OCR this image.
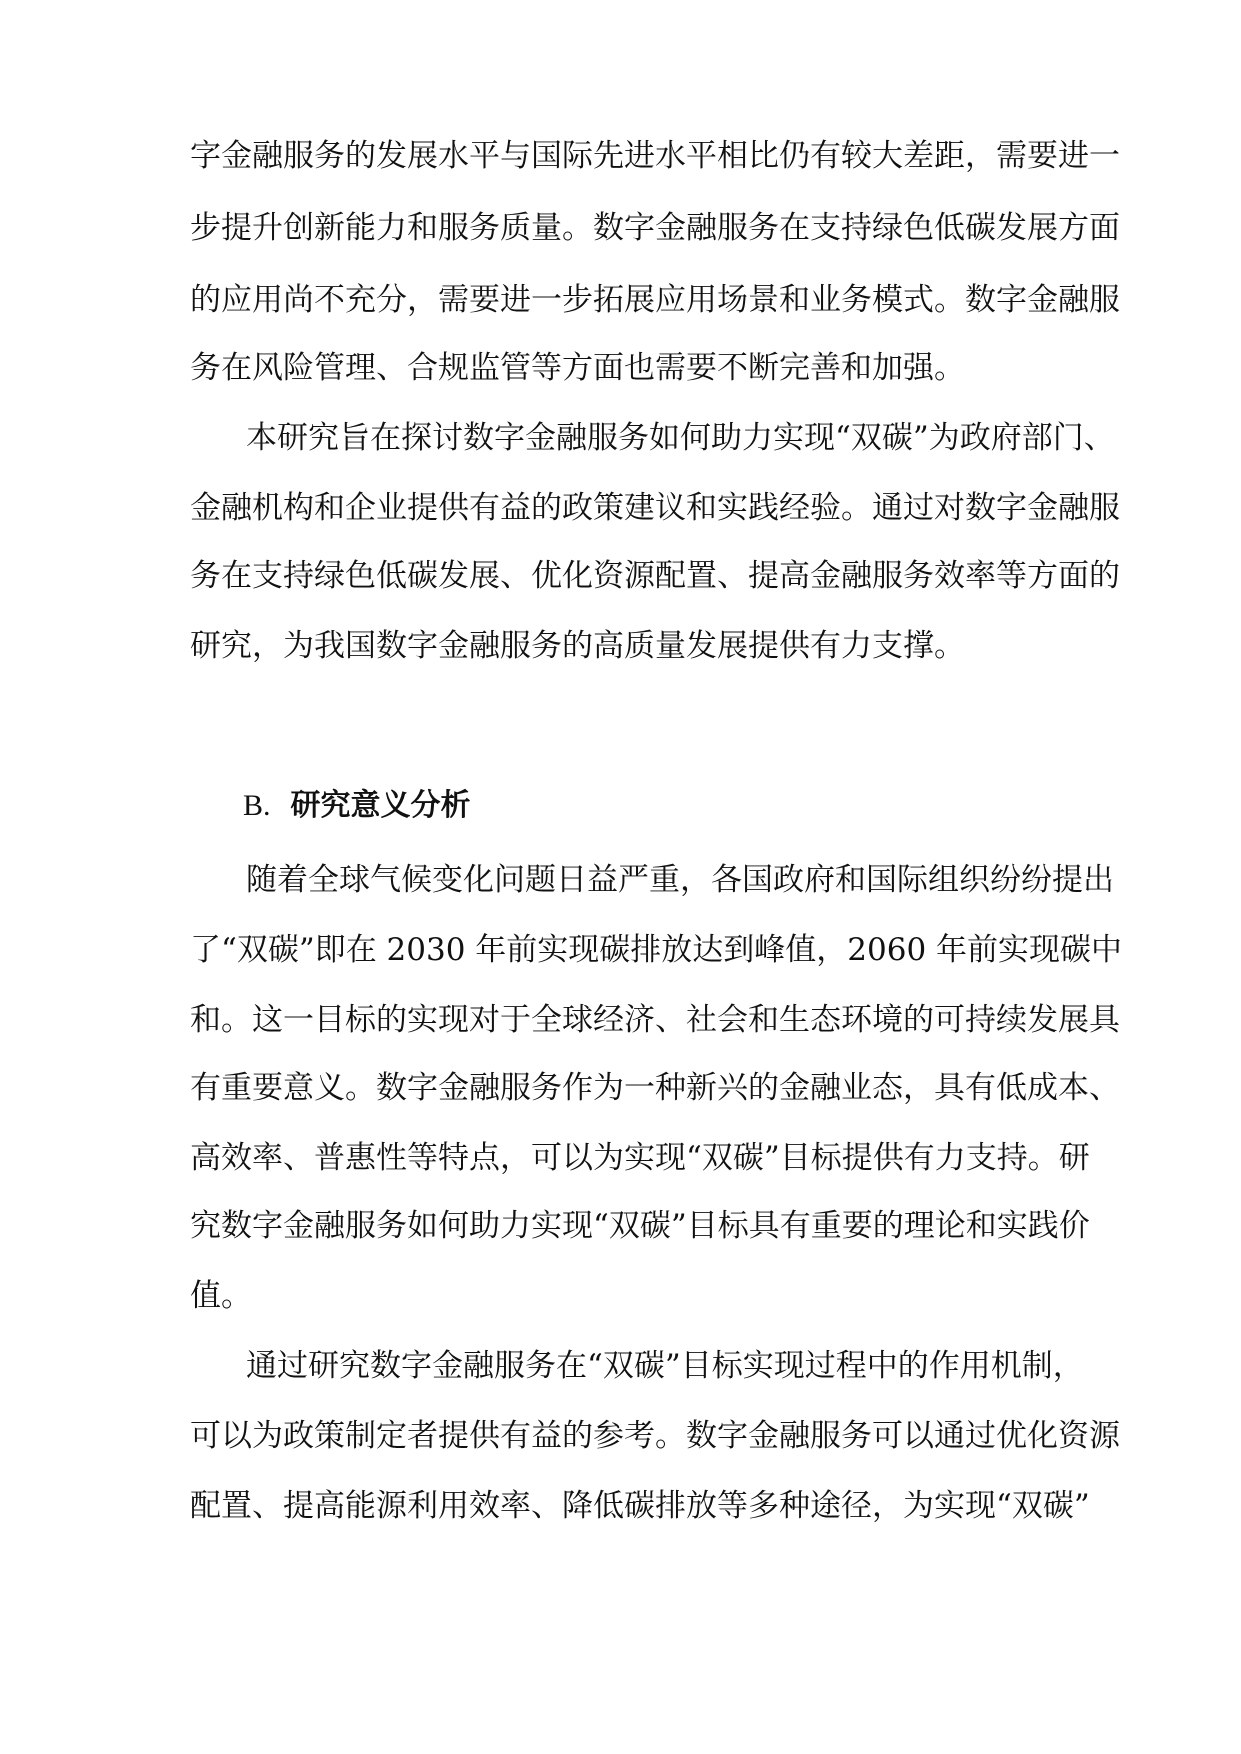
字金融服务的发展水平与国际先进水平相比仍有较大差距，需要进一
步提升创新能力和服务质量。数字金融服务在支持绿色低碳发展方面
的应用尚不充分，需要进一步拓展应用场景和业务模式。数字金融服
务在风险管理、合规监管等方面也需要不断完善和加强。
本研究旨在探讨数字金融服务如何助力实现“双碳”为政府部门、
金融机构和企业提供有益的政策建议和实践经验。通过对数字金融服
务在支持绿色低碳发展、优化资源配置、提高金融服务效率等方面的
研究，为我国数字金融服务的高质量发展提供有力支撑。
B. 研究意义分析
随着全球气候变化问题日益严重，各国政府和国际组织纷纷提出
了“双碳”即在 2030 年前实现碳排放达到峰值，2060 年前实现碳中
和。这一目标的实现对于全球经济、社会和生态环境的可持续发展具
有重要意义。数字金融服务作为一种新兴的金融业态，具有低成本、
高效率、普惠性等特点，可以为实现“双碳”目标提供有力支持。研
究数字金融服务如何助力实现“双碳”目标具有重要的理论和实践价
值。
通过研究数字金融服务在“双碳”目标实现过程中的作用机制，
可以为政策制定者提供有益的参考。数字金融服务可以通过优化资源
配置、提高能源利用效率、降低碳排放等多种途径，为实现“双碳”
